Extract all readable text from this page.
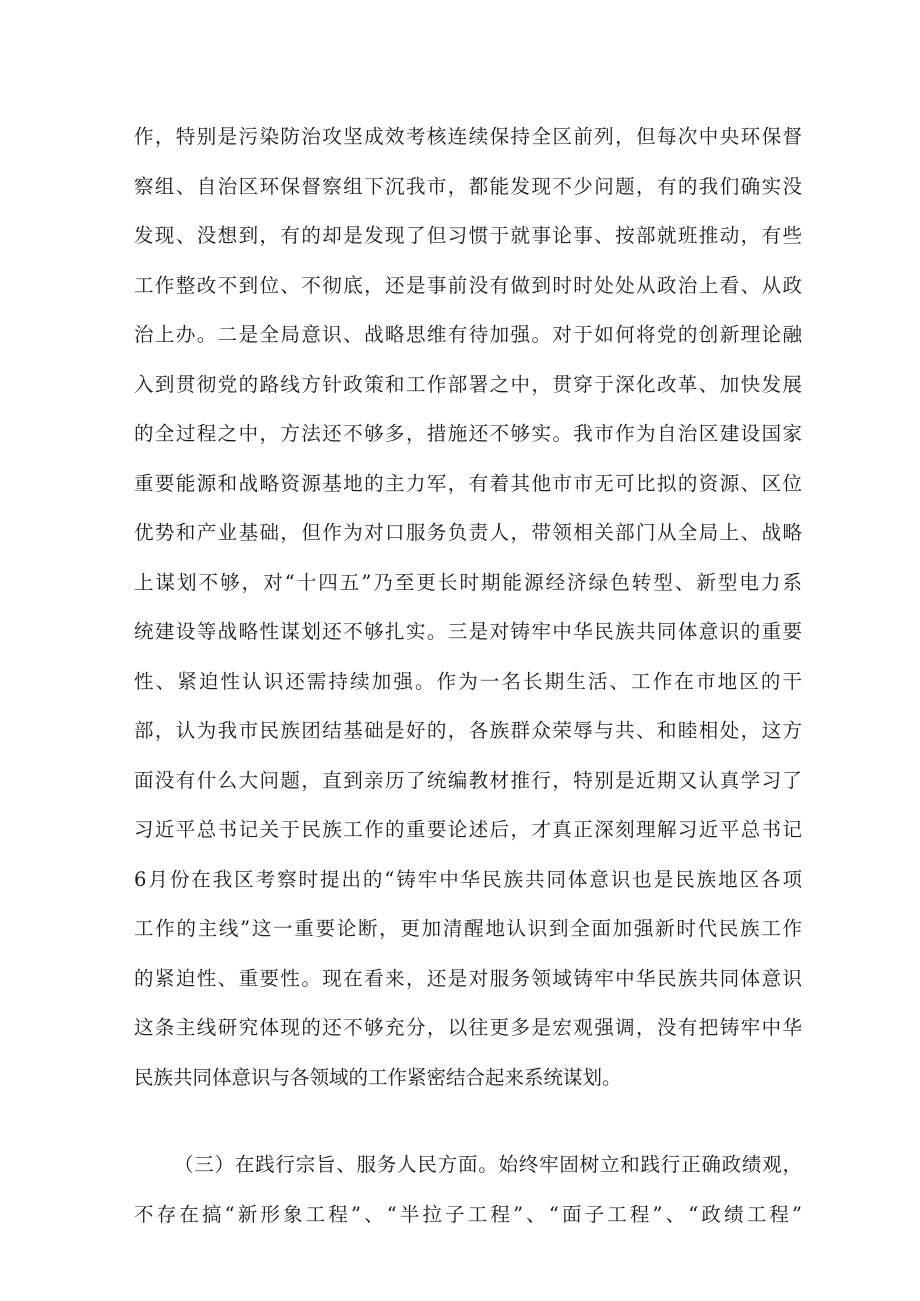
作，特别是污染防治攻坚成效考核连续保持全区前列，但每次中央环保督
察组、自治区环保督察组下沉我市，都能发现不少问题，有的我们确实没
发现、没想到，有的却是发现了但习惯于就事论事、按部就班推动，有些
工作整改不到位、不彻底，还是事前没有做到时时处处从政治上看、从政
治上办。二是全局意识、战略思维有待加强。对于如何将党的创新理论融
入到贯彻党的路线方针政策和工作部署之中，贯穿于深化改革、加快发展
的全过程之中，方法还不够多，措施还不够实。我市作为自治区建设国家
重要能源和战略资源基地的主力军，有着其他市市无可比拟的资源、区位
优势和产业基础，但作为对口服务负责人，带领相关部门从全局上、战略
上谋划不够，对“十四五”乃至更长时期能源经济绿色转型、新型电力系
统建设等战略性谋划还不够扎实。三是对铸牢中华民族共同体意识的重要
性、紧迫性认识还需持续加强。作为一名长期生活、工作在市地区的干
部，认为我市民族团结基础是好的，各族群众荣辱与共、和睦相处，这方
面没有什么大问题，直到亲历了统编教材推行，特别是近期又认真学习了
习近平总书记关于民族工作的重要论述后，才真正深刻理解习近平总书记
6月份在我区考察时提出的“铸牢中华民族共同体意识也是民族地区各项
工作的主线”这一重要论断，更加清醒地认识到全面加强新时代民族工作
的紧迫性、重要性。现在看来，还是对服务领域铸牢中华民族共同体意识
这条主线研究体现的还不够充分，以往更多是宏观强调，没有把铸牢中华
民族共同体意识与各领域的工作紧密结合起来系统谋划。
（三）在践行宗旨、服务人民方面。始终牢固树立和践行正确政绩观，
不存在搞“新形象工程”、“半拉子工程”、“面子工程”、“政绩工程”
